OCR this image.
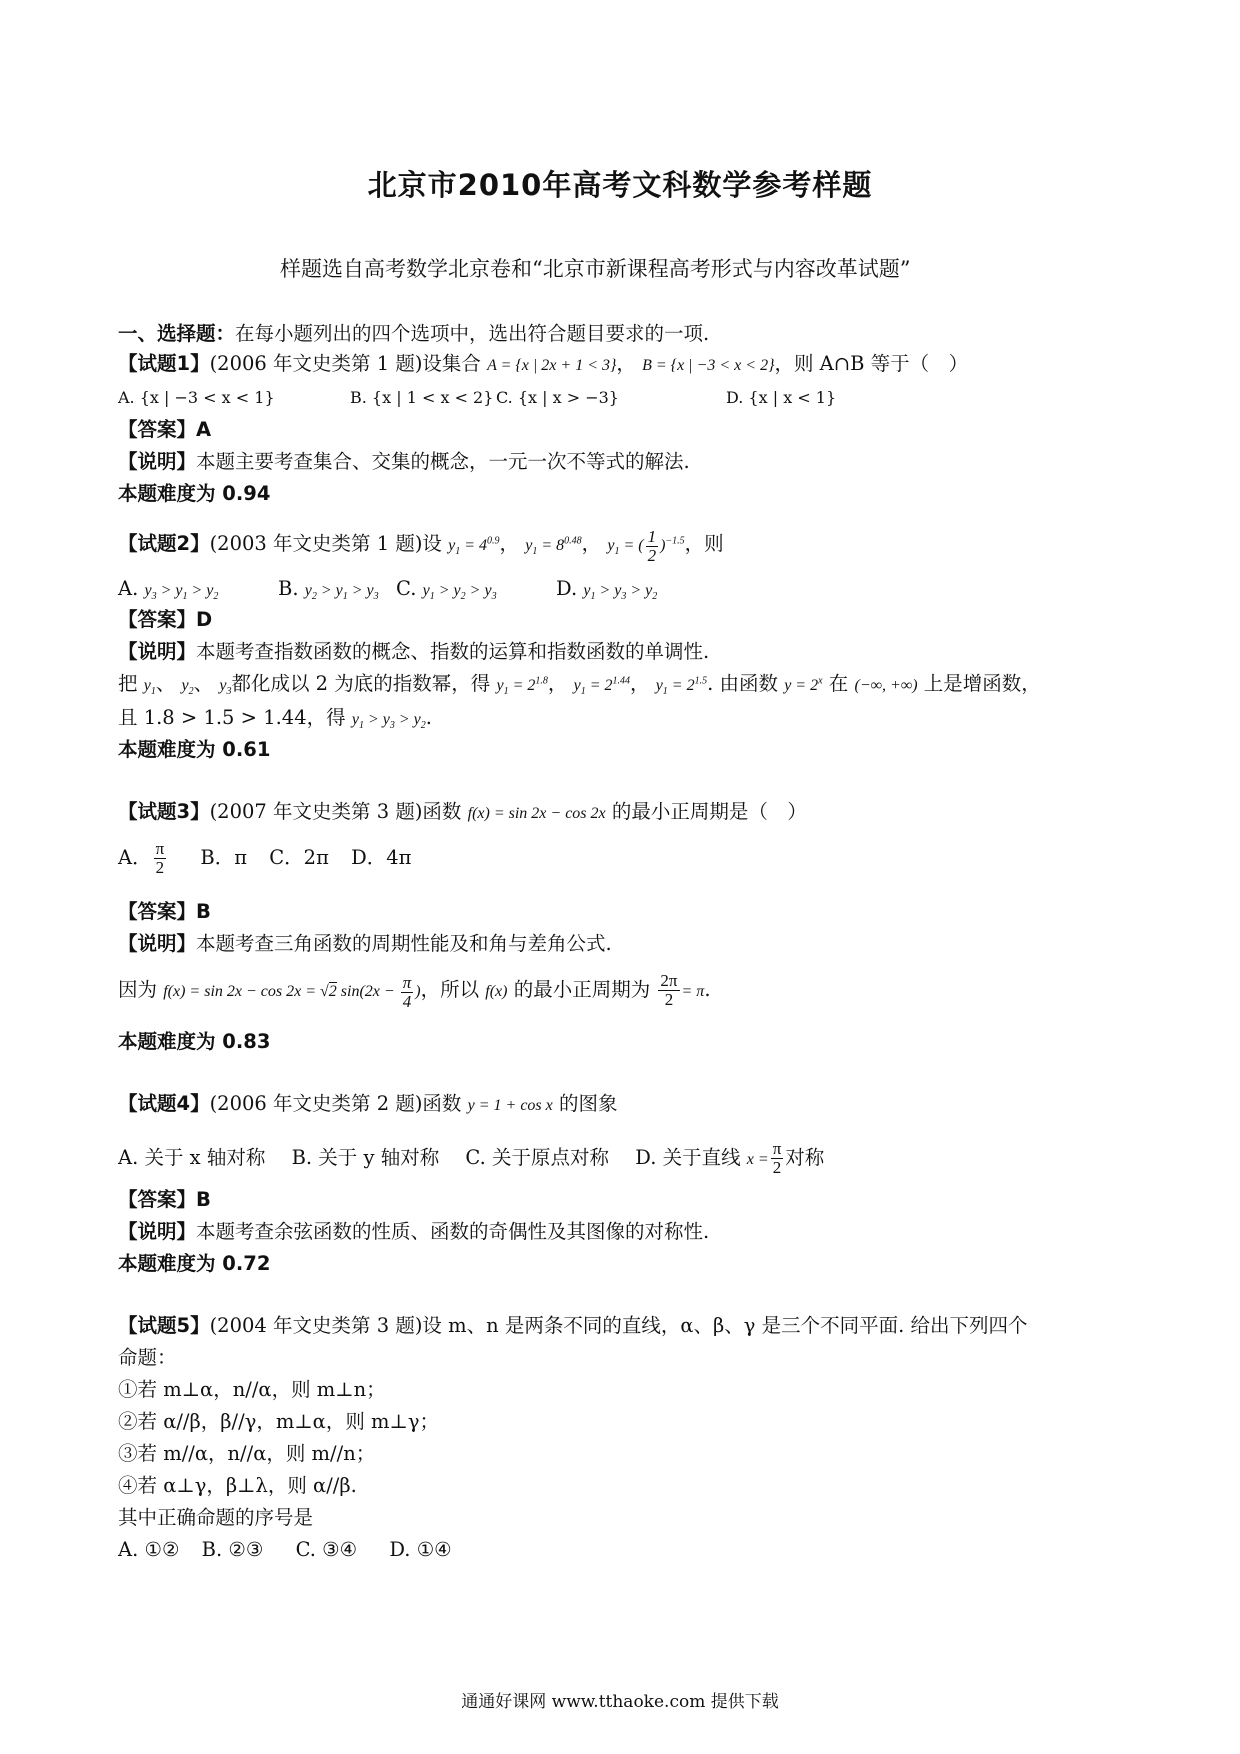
北京市2010年高考文科数学参考样题
样题选自高考数学北京卷和“北京市新课程高考形式与内容改革试题”
一、选择题：在每小题列出的四个选项中，选出符合题目要求的一项.
【试题1】(2006 年文史类第 1 题)设集合 A = {x | 2x + 1 < 3}， B = {x | −3 < x < 2}，则 A∩B 等于（　）
A. {x | −3 < x < 1}	B. {x | 1 < x < 2} C. {x | x > −3}	D. {x | x < 1}
【答案】A
【说明】本题主要考查集合、交集的概念，一元一次不等式的解法.
本题难度为 0.94
【试题2】(2003 年文史类第 1 题)设 $y_1 = 4^{0.9}$， $y_1 = 8^{0.48}$， $y_1$ = ( $\frac{1}{2} )^{-1.5}$，则
A. $y_3 > y_1 > y_2$	B. $y_2 > y_1 > y_3$ C. $y_1 > y_2 > y_3$	D. $y_1 > y_3 > y_2$
【答案】D
【说明】本题考查指数函数的概念、指数的运算和指数函数的单调性.
把 $y_1$、 $y_2$、 $y_3$都化成以 2 为底的指数幂，得 $y_1 = 2^{1.8}$， $y_1 = 2^{1.44}$， $y_1 = 2^{1.5}$. 由函数 $y = 2^x$ 在 (−∞, +∞) 上是增函数，
且 1.8 > 1.5 > 1.44，得 $y_1 > y_3 > y_2$.
本题难度为 0.61
【试题3】(2007 年文史类第 3 题)函数 f(x) = sin 2x − cos 2x 的最小正周期是（　）
A． $\frac{\pi}{2}$ B．π C．2π D．4π
【答案】B
【说明】本题考查三角函数的周期性能及和角与差角公式.
因为 f(x) = sin 2x − cos 2x = √2 $\sin(2x - \frac{\pi}{4}$ )，所以 f(x) 的最小正周期为 $\frac{2\pi}{2} = \pi$.
本题难度为 0.83
【试题4】(2006 年文史类第 2 题)函数 y = 1 + cos x 的图象
A. 关于 x 轴对称 B. 关于 y 轴对称 C. 关于原点对称 D. 关于直线 $x = \frac{\pi}{2}$ 对称
【答案】B
【说明】本题考查余弦函数的性质、函数的奇偶性及其图像的对称性.
本题难度为 0.72
【试题5】(2004 年文史类第 3 题)设 m、n 是两条不同的直线，α、β、γ 是三个不同平面. 给出下列四个
命题：
①若 m⊥α，n//α，则 m⊥n；
②若 α//β，β//γ，m⊥α，则 m⊥γ；
③若 m//α，n//α，则 m//n；
④若 α⊥γ，β⊥λ，则 α//β.
其中正确命题的序号是
A. ①② B. ②③ C. ③④ D. ①④
通通好课网 www.tthaoke.com 提供下载
